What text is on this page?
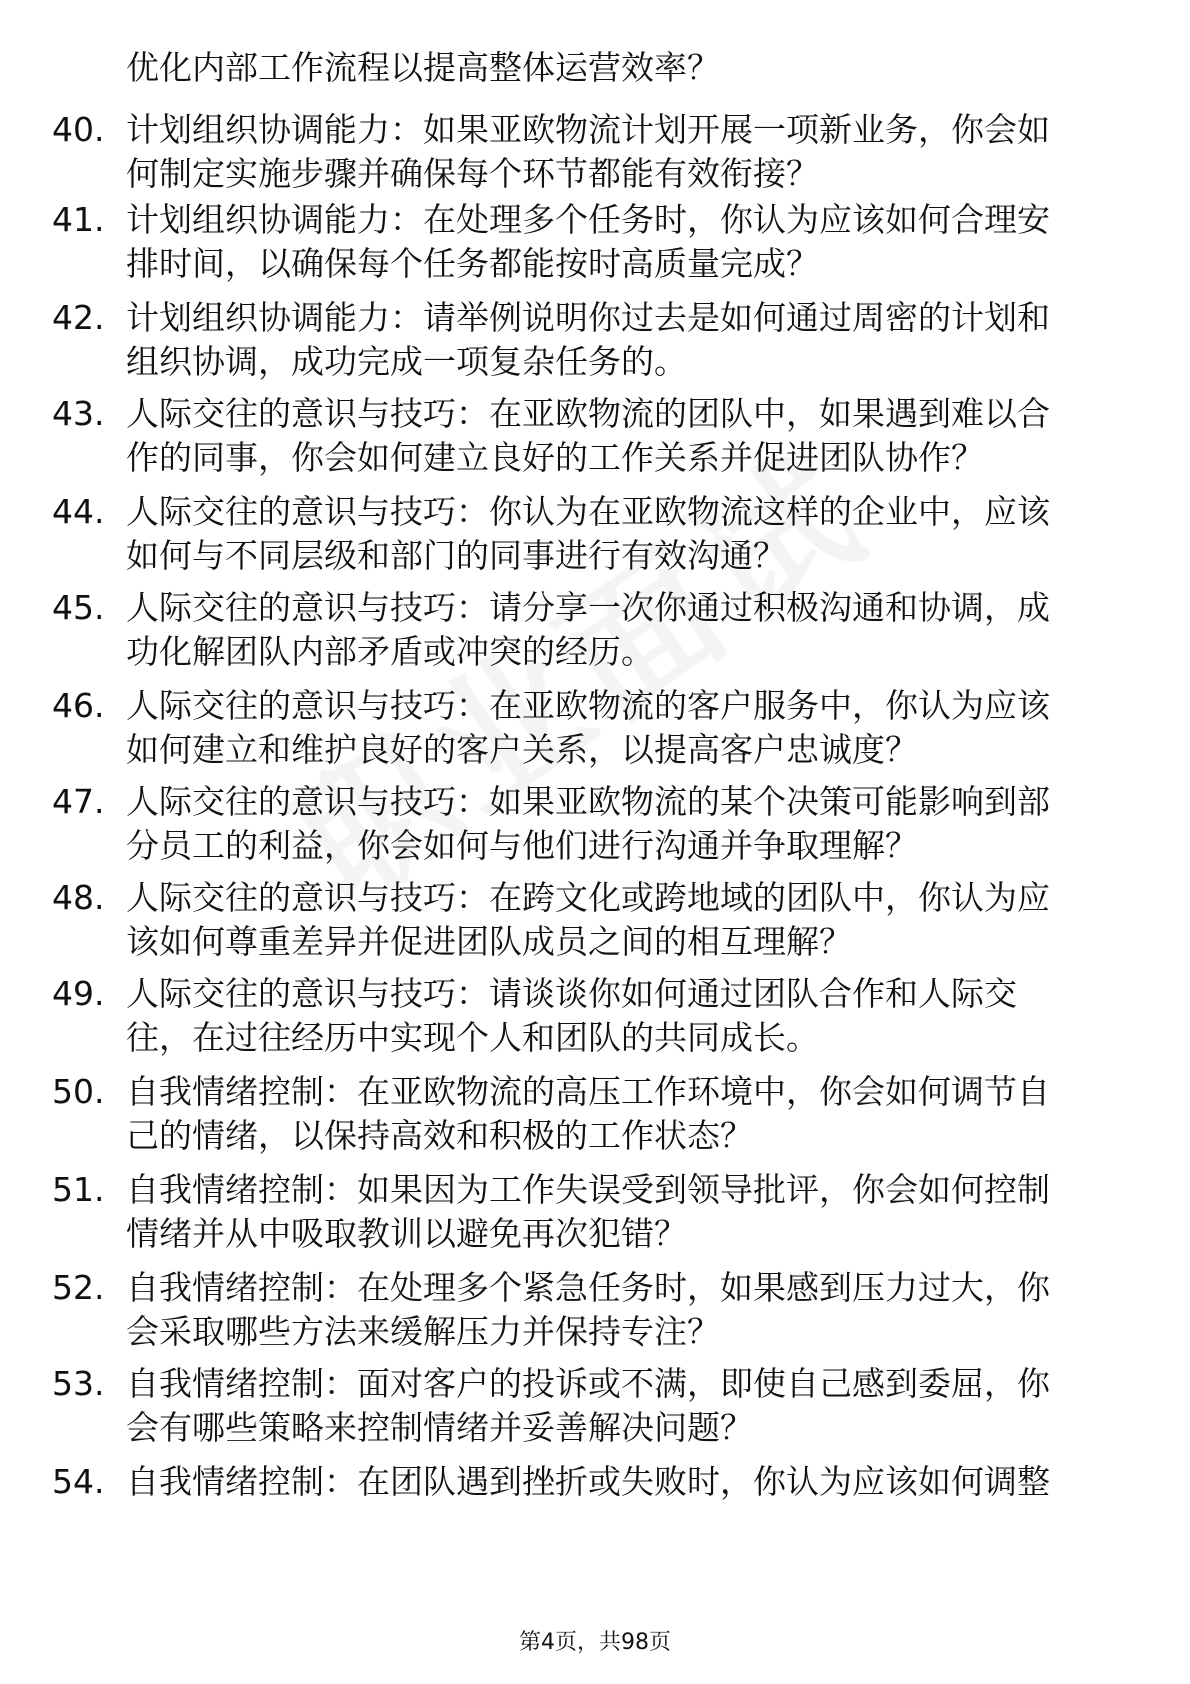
优化内部工作流程以提高整体运营效率？
40. 计划组织协调能力：如果亚欧物流计划开展一项新业务，你会如
何制定实施步骤并确保每个环节都能有效衔接？
41. 计划组织协调能力：在处理多个任务时，你认为应该如何合理安
排时间，以确保每个任务都能按时高质量完成？
42. 计划组织协调能力：请举例说明你过去是如何通过周密的计划和
组织协调，成功完成一项复杂任务的。
43. 人际交往的意识与技巧：在亚欧物流的团队中，如果遇到难以合
作的同事，你会如何建立良好的工作关系并促进团队协作？
44. 人际交往的意识与技巧：你认为在亚欧物流这样的企业中，应该
如何与不同层级和部门的同事进行有效沟通？
45. 人际交往的意识与技巧：请分享一次你通过积极沟通和协调，成
功化解团队内部矛盾或冲突的经历。
46. 人际交往的意识与技巧：在亚欧物流的客户服务中，你认为应该
如何建立和维护良好的客户关系，以提高客户忠诚度？
47. 人际交往的意识与技巧：如果亚欧物流的某个决策可能影响到部
分员工的利益，你会如何与他们进行沟通并争取理解？
48. 人际交往的意识与技巧：在跨文化或跨地域的团队中，你认为应
该如何尊重差异并促进团队成员之间的相互理解？
49. 人际交往的意识与技巧：请谈谈你如何通过团队合作和人际交
往，在过往经历中实现个人和团队的共同成长。
50. 自我情绪控制：在亚欧物流的高压工作环境中，你会如何调节自
己的情绪，以保持高效和积极的工作状态？
51. 自我情绪控制：如果因为工作失误受到领导批评，你会如何控制
情绪并从中吸取教训以避免再次犯错？
52. 自我情绪控制：在处理多个紧急任务时，如果感到压力过大，你
会采取哪些方法来缓解压力并保持专注？
53. 自我情绪控制：面对客户的投诉或不满，即使自己感到委屈，你
会有哪些策略来控制情绪并妥善解决问题？
54. 自我情绪控制：在团队遇到挫折或失败时，你认为应该如何调整
第4页，共98页
